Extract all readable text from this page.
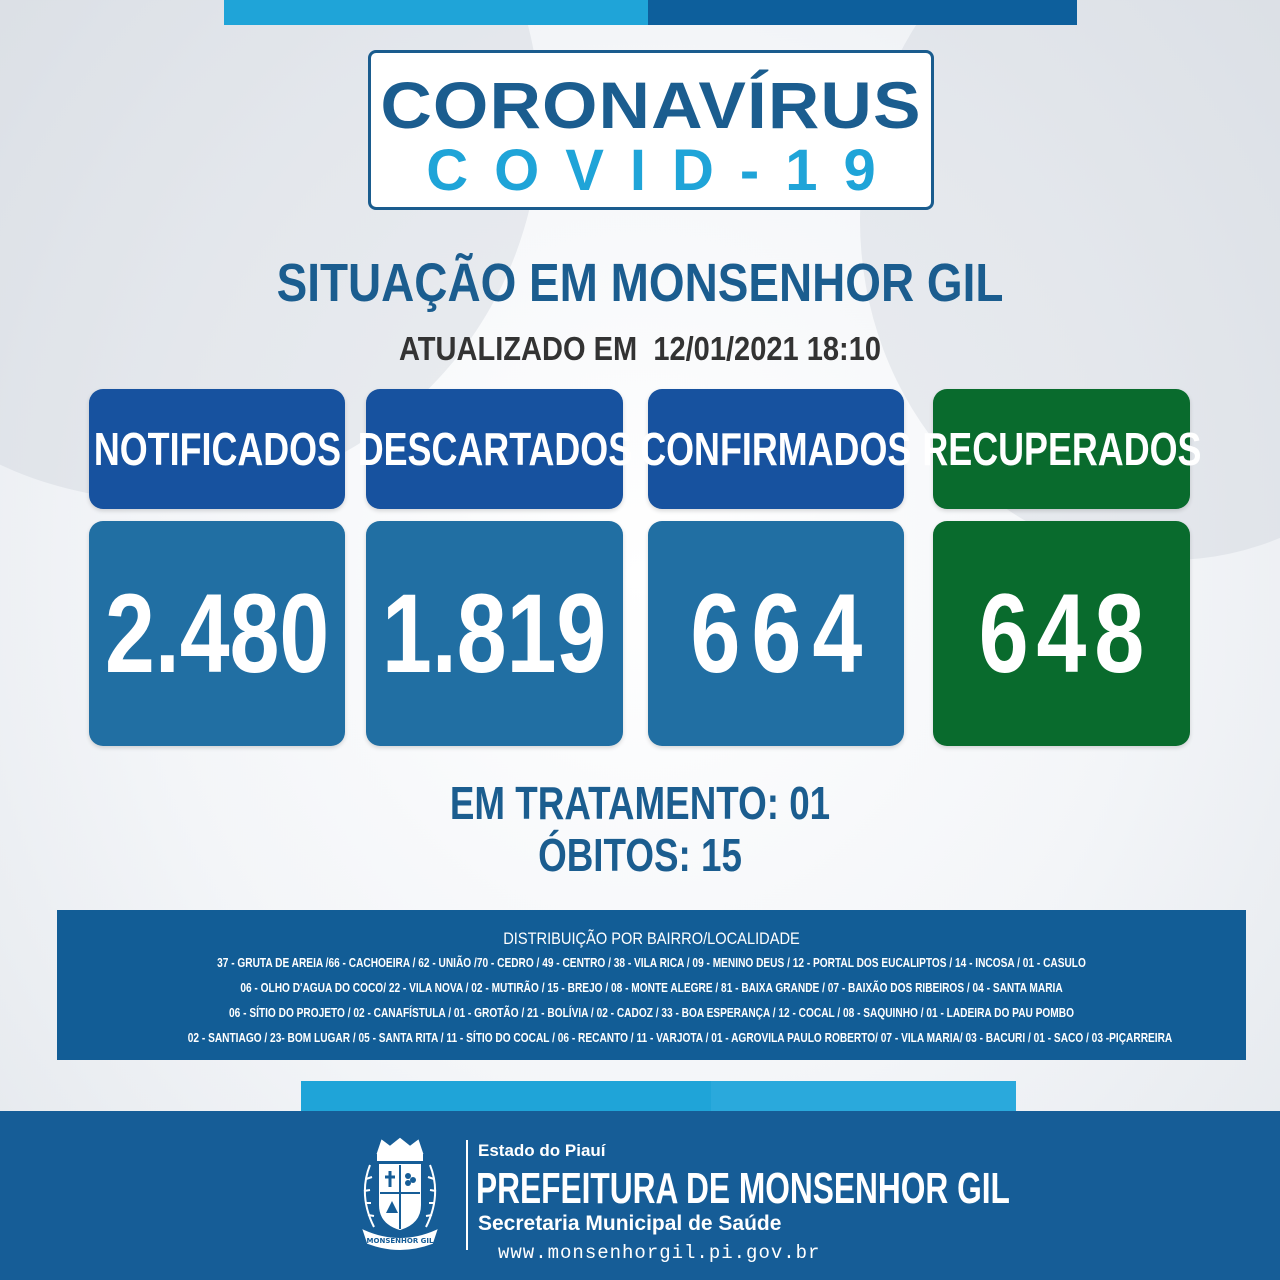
CORONAVÍRUS
COVID-19
SITUAÇÃO EM MONSENHOR GIL
ATUALIZADO EM  12/01/2021 18:10
NOTIFICADOS DESCARTADOS CONFIRMADOS RECUPERADOS
2.480 1.819 664 648
EM TRATAMENTO: 01
ÓBITOS: 15
DISTRIBUIÇÃO POR BAIRRO/LOCALIDADE
37 - GRUTA DE AREIA /66 - CACHOEIRA / 62 - UNIÃO /70 - CEDRO / 49 - CENTRO / 38 - VILA RICA / 09 - MENINO DEUS / 12 - PORTAL DOS EUCALIPTOS / 14 - INCOSA / 01 - CASULO
06 - OLHO D'AGUA DO COCO/ 22 - VILA NOVA / 02 - MUTIRÃO / 15 - BREJO / 08 - MONTE ALEGRE / 81 - BAIXA GRANDE / 07 - BAIXÃO DOS RIBEIROS / 04 - SANTA MARIA
06 - SÍTIO DO PROJETO / 02 - CANAFÍSTULA / 01 - GROTÃO / 21 - BOLÍVIA / 02 - CADOZ / 33 - BOA ESPERANÇA / 12 - COCAL / 08 - SAQUINHO / 01 - LADEIRA DO PAU POMBO
02 - SANTIAGO / 23- BOM LUGAR / 05 - SANTA RITA / 11 - SÍTIO DO COCAL / 06 - RECANTO / 11 - VARJOTA / 01 - AGROVILA PAULO ROBERTO/ 07 - VILA MARIA/ 03 - BACURI / 01 - SACO / 03 -PIÇARREIRA
MONSENHOR GIL
Estado do Piauí
PREFEITURA DE MONSENHOR GIL
Secretaria Municipal de Saúde
www.monsenhorgil.pi.gov.br
